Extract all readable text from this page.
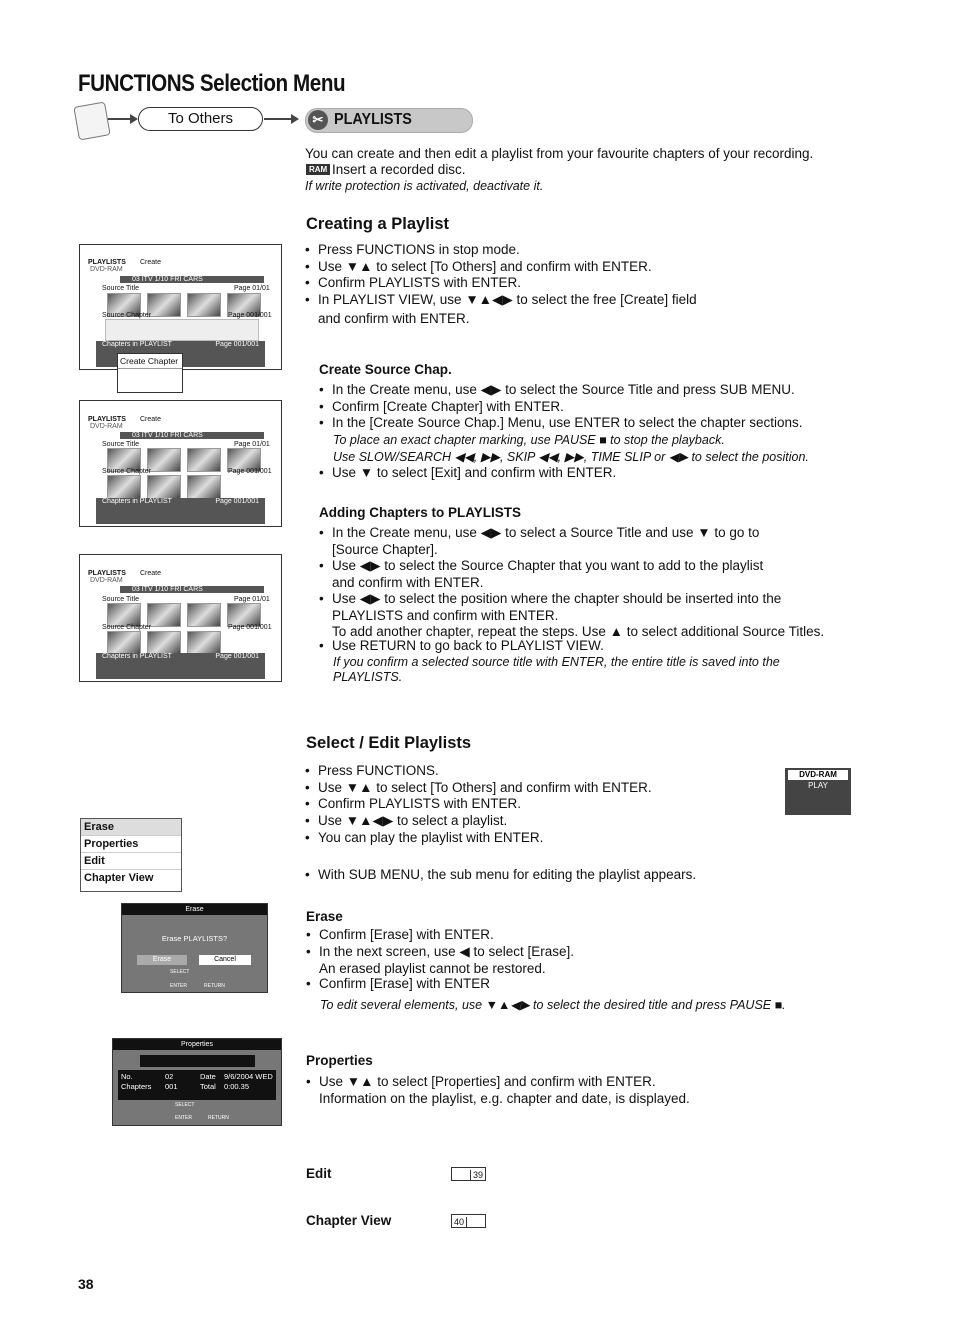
FUNCTIONS Selection Menu
To Others	✂ PLAYLISTS
You can create and then edit a playlist from your favourite chapters of your recording.
RAM Insert a recorded disc.
If write protection is activated, deactivate it.
Creating a Playlist
• Press FUNCTIONS in stop mode.
• Use ▼▲ to select [To Others] and confirm with ENTER.
• Confirm PLAYLISTS with ENTER.
• In PLAYLIST VIEW, use ▼▲◀▶ to select the free [Create] field
and confirm with ENTER.
Create Source Chap.
• In the Create menu, use ◀▶ to select the Source Title and press SUB MENU.
• Confirm [Create Chapter] with ENTER.
• In the [Create Source Chap.] Menu, use ENTER to select the chapter sections.
To place an exact chapter marking, use PAUSE ■ to stop the playback.
Use SLOW/SEARCH ◀◀, ▶▶, SKIP ◀◀, ▶▶, TIME SLIP or ◀▶ to select the position.
• Use ▼ to select [Exit] and confirm with ENTER.
Adding Chapters to PLAYLISTS
• In the Create menu, use ◀▶ to select a Source Title and use ▼ to go to
[Source Chapter].
• Use ◀▶ to select the Source Chapter that you want to add to the playlist
and confirm with ENTER.
• Use ◀▶ to select the position where the chapter should be inserted into the
PLAYLISTS and confirm with ENTER.
To add another chapter, repeat the steps. Use ▲ to select additional Source Titles.
• Use RETURN to go back to PLAYLIST VIEW.
If you confirm a selected source title with ENTER, the entire title is saved into the
PLAYLISTS.
Select / Edit Playlists
• Press FUNCTIONS.
• Use ▼▲ to select [To Others] and confirm with ENTER.
• Confirm PLAYLISTS with ENTER.
• Use ▼▲◀▶ to select a playlist.
• You can play the playlist with ENTER.
• With SUB MENU, the sub menu for editing the playlist appears.
DVD-RAM
PLAY
Erase
• Confirm [Erase] with ENTER.
• In the next screen, use ◀ to select [Erase].
An erased playlist cannot be restored.
• Confirm [Erase] with ENTER
To edit several elements, use ▼▲◀▶ to select the desired title and press PAUSE ■.
Properties
• Use ▼▲ to select [Properties] and confirm with ENTER.
Information on the playlist, e.g. chapter and date, is displayed.
Edit	39
Chapter View	40
38
PLAYLISTS Create
DVD-RAM
03 ITV 1/10 FRI CARS
Source Title	Page 01/01
Source Chapter	Page 001/001
Chapters in PLAYLIST	Page 001/001
Create Chapter
PLAYLISTS Create
DVD-RAM
03 ITV 1/10 FRI CARS
Source Title	Page 01/01
Source Chapter	Page 001/001
Chapters in PLAYLIST	Page 001/001
PLAYLISTS Create
DVD-RAM
03 ITV 1/10 FRI CARS
Source Title	Page 01/01
Source Chapter	Page 001/001
Chapters in PLAYLIST	Page 001/001
Erase
Properties
Edit
Chapter View
Erase
Erase PLAYLISTS?
Erase	Cancel
SELECT
ENTER	RETURN
Properties
No.	02	Date 9/6/2004 WED
Chapters 001	Total 0:00.35
SELECT
ENTER	RETURN
